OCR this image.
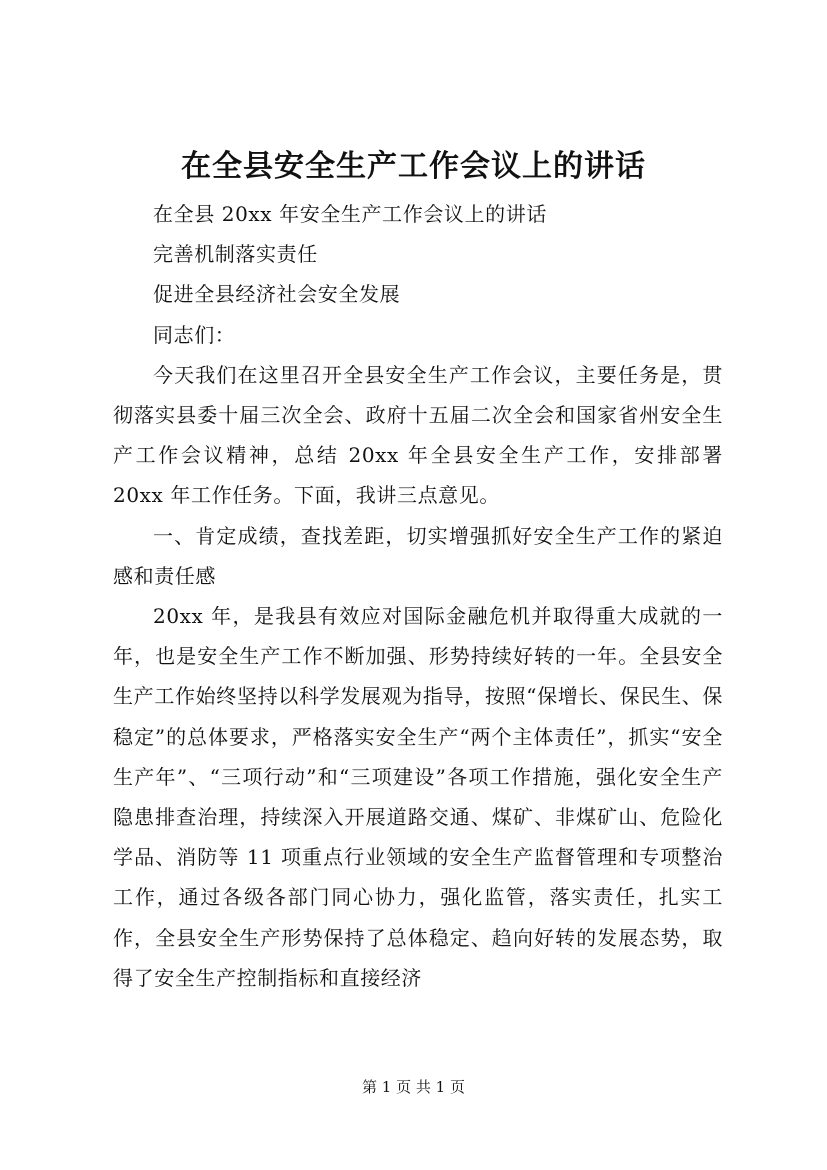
在全县安全生产工作会议上的讲话

在全县 20xx 年安全生产工作会议上的讲话

完善机制落实责任

促进全县经济社会安全发展

同志们：

今天我们在这里召开全县安全生产工作会议，主要任务是，贯彻落实县委十届三次全会、政府十五届二次全会和国家省州安全生产工作会议精神，总结 20xx 年全县安全生产工作，安排部署 20xx 年工作任务。下面，我讲三点意见。

一、肯定成绩，查找差距，切实增强抓好安全生产工作的紧迫感和责任感

20xx 年，是我县有效应对国际金融危机并取得重大成就的一年，也是安全生产工作不断加强、形势持续好转的一年。全县安全生产工作始终坚持以科学发展观为指导，按照“保增长、保民生、保稳定”的总体要求，严格落实安全生产“两个主体责任”，抓实“安全生产年”、“三项行动”和“三项建设”各项工作措施，强化安全生产隐患排查治理，持续深入开展道路交通、煤矿、非煤矿山、危险化学品、消防等 11 项重点行业领域的安全生产监督管理和专项整治工作，通过各级各部门同心协力，强化监管，落实责任，扎实工作，全县安全生产形势保持了总体稳定、趋向好转的发展态势，取得了安全生产控制指标和直接经济

第 1 页 共 1 页
